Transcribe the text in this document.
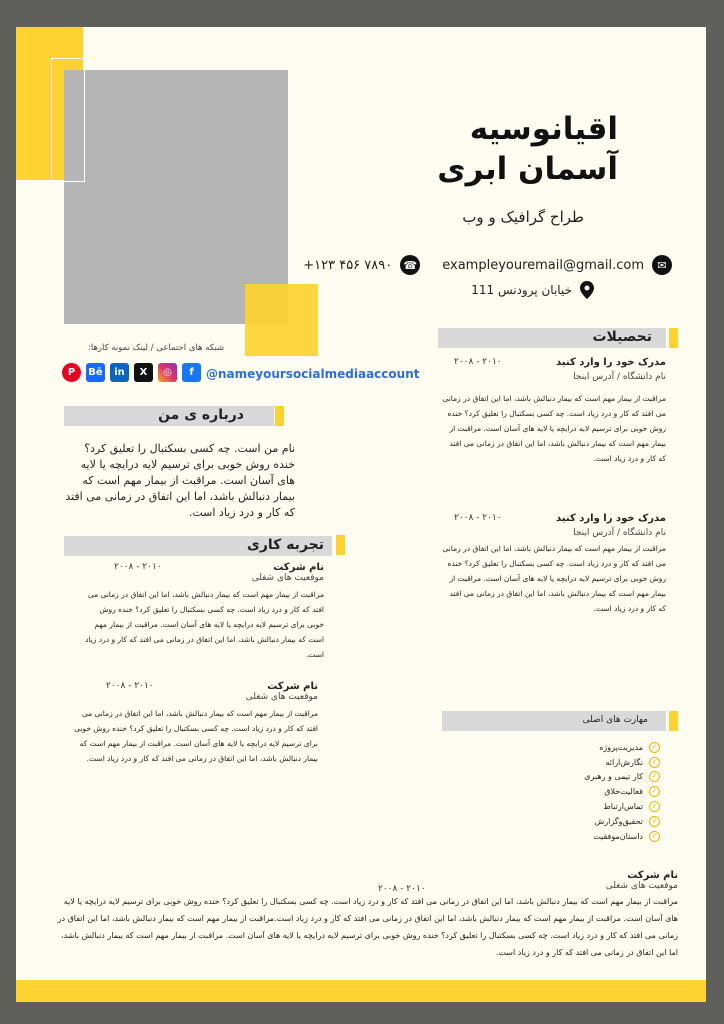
اقیانوسیه
آسمان ابری
طراح گرافیک و وب
+۱۲۳ ۴۵۶ ۷۸۹۰ ☎ exampleyouremail@gmail.com	✉
خیابان پرودنس 111
شبکه های اجتماعی / لینک نمونه کارها:
P	Bē	in	X	◎	f	@nameyoursocialmediaaccount
دربارە ی من
نام من است. چه کسی بسکتبال را تعلیق کرد؟ خنده روش خوبی برای ترسیم لایه درایچه یا لایه های آسان است. مراقبت از بیمار مهم است که بیمار دنبالش باشد، اما این اتفاق در زمانی می افتد که کار و درد زیاد است.
تجربه کاری
نام شرکت
موقعیت های شغلی
۲۰۰۸ - ۲۰۱۰
مراقبت از بیمار مهم است که بیمار دنبالش باشد، اما این اتفاق در زمانی می افتد که کار و درد زیاد است. چه کسی بسکتبال را تعلیق کرد؟ خنده روش خوبی برای ترسیم لایه درایچه یا لایه های آسان است. مراقبت از بیمار مهم است که بیمار دنبالش باشد، اما این اتفاق در زمانی می افتد که کار و درد زیاد است.
نام شرکت
موقعیت های شغلی
۲۰۰۸ - ۲۰۱۰
مراقبت از بیمار مهم است که بیمار دنبالش باشد، اما این اتفاق در زمانی می افتد که کار و درد زیاد است. چه کسی بسکتبال را تعلیق کرد؟ خنده روش خوبی برای ترسیم لایه درایچه یا لایه های آسان است. مراقبت از بیمار مهم است که بیمار دنبالش باشد، اما این اتفاق در زمانی می افتد که کار و درد زیاد است.
تحصیلات
مدرک خود را وارد کنید
۲۰۰۸ - ۲۰۱۰
نام دانشگاه / آدرس اینجا
مراقبت از بیمار مهم است که بیمار دنبالش باشد، اما این اتفاق در زمانی می افتد که کار و درد زیاد است. چه کسی بسکتبال را تعلیق کرد؟ خنده روش خوبی برای ترسیم لایه درایچه یا لایه های آسان است. مراقبت از بیمار مهم است که بیمار دنبالش باشد، اما این اتفاق در زمانی می افتد که کار و درد زیاد است.
مدرک خود را وارد کنید
۲۰۰۸ - ۲۰۱۰
نام دانشگاه / آدرس اینجا
مراقبت از بیمار مهم است که بیمار دنبالش باشد، اما این اتفاق در زمانی می افتد که کار و درد زیاد است. چه کسی بسکتبال را تعلیق کرد؟ خنده روش خوبی برای ترسیم لایه درایچه یا لایه های آسان است. مراقبت از بیمار مهم است که بیمار دنبالش باشد، اما این اتفاق در زمانی می افتد که کار و درد زیاد است.
مهارت های اصلی
مدیریت‌پروژه	✓
نگارش‌ارائه	✓
کار تیمی و رهبری	✓
فعالیت‌خلاق	✓
تماس‌ارتباط	✓
تحقیق‌وگزارش	✓
داستان‌موفقیت	✓
نام شرکت
موقعیت های شغلی
۲۰۰۸ - ۲۰۱۰
مراقبت از بیمار مهم است که بیمار دنبالش باشد، اما این اتفاق در زمانی می افتد که کار و درد زیاد است. چه کسی بسکتبال را تعلیق کرد؟ خنده روش خوبی برای ترسیم لایه درایچه یا لایه های آسان است. مراقبت از بیمار مهم است که بیمار دنبالش باشد، اما این اتفاق در زمانی می افتد که کار و درد زیاد است.مراقبت از بیمار مهم است که بیمار دنبالش باشد، اما این اتفاق در زمانی می افتد که کار و درد زیاد است. چه کسی بسکتبال را تعلیق کرد؟ خنده روش خوبی برای ترسیم لایه درایچه یا لایه های آسان است. مراقبت از بیمار مهم است که بیمار دنبالش باشد، اما این اتفاق در زمانی می افتد که کار و درد زیاد است.
